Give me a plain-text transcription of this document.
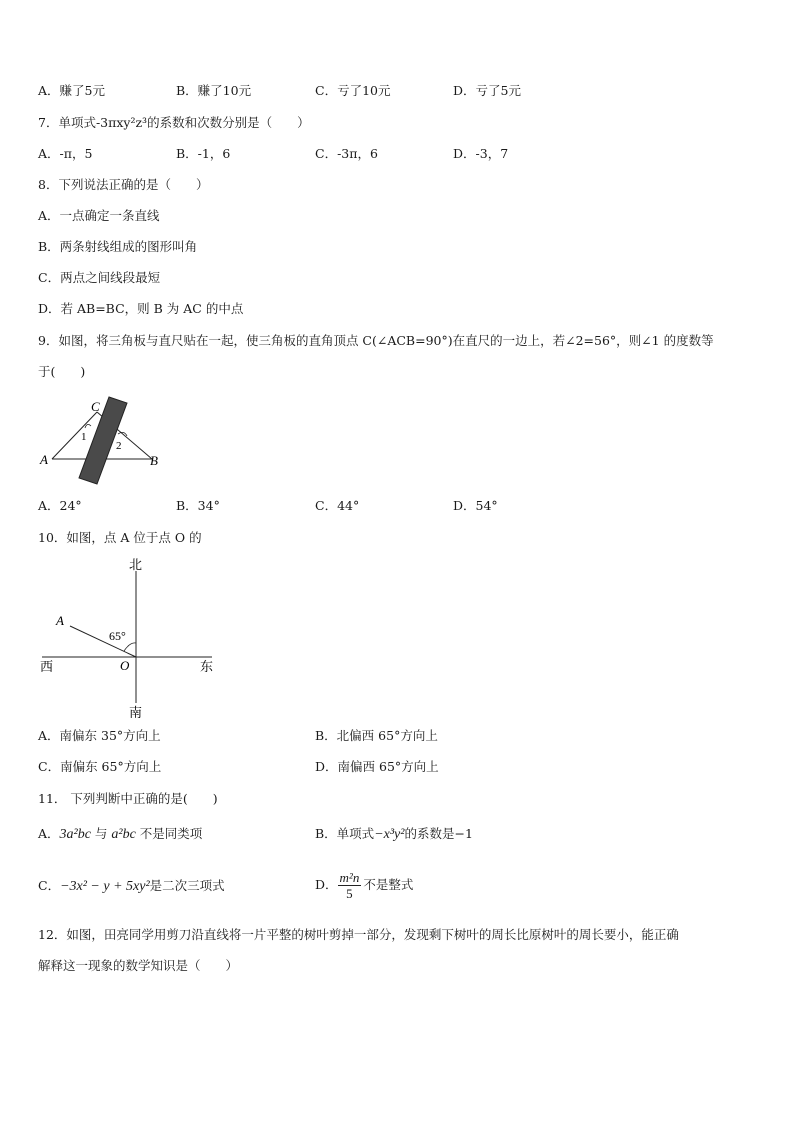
A．赚了5元	B．赚了10元	C．亏了10元	D．亏了5元
7．单项式-3πxy²z³的系数和次数分别是（　　）
A．-π，5	B．-1，6	C．-3π，6	D．-3，7
8．下列说法正确的是（　　）
A．一点确定一条直线
B．两条射线组成的图形叫角
C．两点之间线段最短
D．若 AB=BC，则 B 为 AC 的中点
9．如图，将三角板与直尺贴在一起，使三角板的直角顶点 C(∠ACB=90°)在直尺的一边上，若∠2=56°，则∠1 的度数等
于(　　)
C
1
2
A	B
A．24°	B．34°	C．44°	D．54°
10．如图，点 A 位于点 O 的
北
南
西	东
A
O
65°
A．南偏东 35°方向上	B．北偏西 65°方向上
C．南偏东 65°方向上	D．南偏西 65°方向上
11． 下列判断中正确的是(　　)
A．3a²bc 与 a²bc 不是同类项	B．单项式−x³y²的系数是−1
C．−3x² − y + 5xy²是二次三项式	D． $\frac{\text{m²n}}{5}$ 不是整式
12．如图，田亮同学用剪刀沿直线将一片平整的树叶剪掉一部分，发现剩下树叶的周长比原树叶的周长要小，能正确
解释这一现象的数学知识是（　　）
